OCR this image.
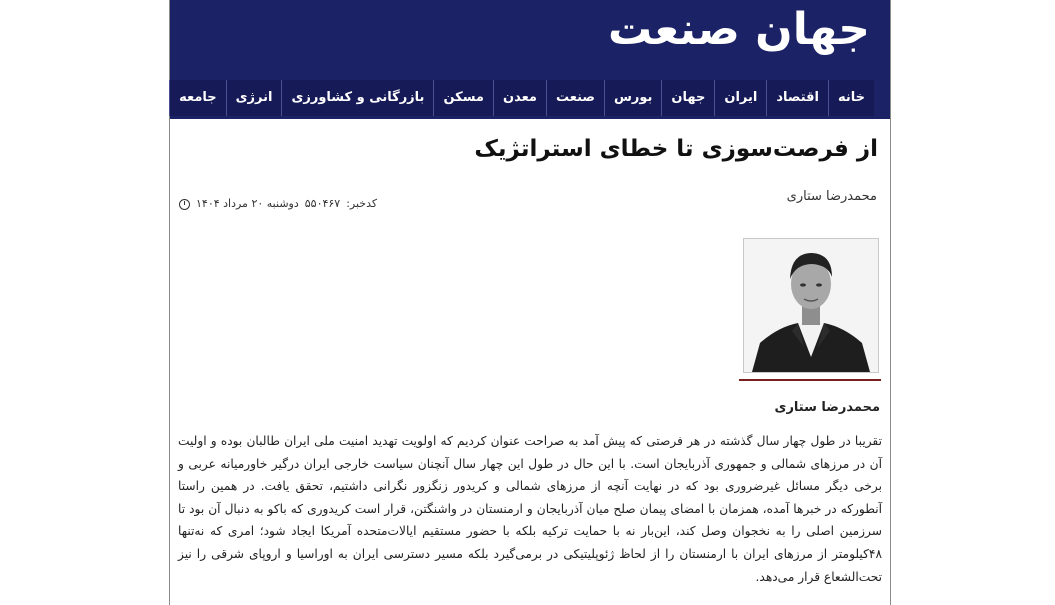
جهان صنعت
خانهاقتصادایرانجهانبورسصنعتمعدنمسکنبازرگانی و کشاورزیانرژیجامعهفرهنگ
از فرصت‌سوزی تا خطای استراتژیک
محمدرضا ستاری
کدخبر:۵۵۰۴۶۷دوشنبه ۲۰ مرداد ۱۴۰۴
محمدرضا ستاری

تقریبا در طول چهار سال گذشته در هر فرصتی که پیش آمد به صراحت عنوان کردیم که اولویت تهدید امنیت ملی ایران طالبان بوده و اولیت آن در مرزهای شمالی و جمهوری آذربایجان است. با این حال در طول این چهار سال آنچنان سیاست خارجی ایران درگیر خاورمیانه عربی و برخی دیگر مسائل غیرضروری بود که در نهایت آنچه از مرزهای شمالی و کریدور زنگزور نگرانی داشتیم، تحقق یافت. در همین راستا آنطورکه در خبرها آمده، همزمان با امضای پیمان صلح میان آذربایجان و ارمنستان در واشنگتن، قرار است کریدوری که باکو به دنبال آن بود تا سرزمین اصلی را به نخجوان وصل کند، این‌بار نه با حمایت ترکیه بلکه با حضور مستقیم ایالات‌متحده آمریکا ایجاد شود؛ امری که نه‌تنها ۴۸کیلومتر از مرزهای ایران با ارمنستان را از لحاظ ژئوپلیتیکی در برمی‌گیرد بلکه مسیر دسترسی ایران به اوراسیا و اروپای شرقی را نیز تحت‌الشعاع قرار می‌دهد.
